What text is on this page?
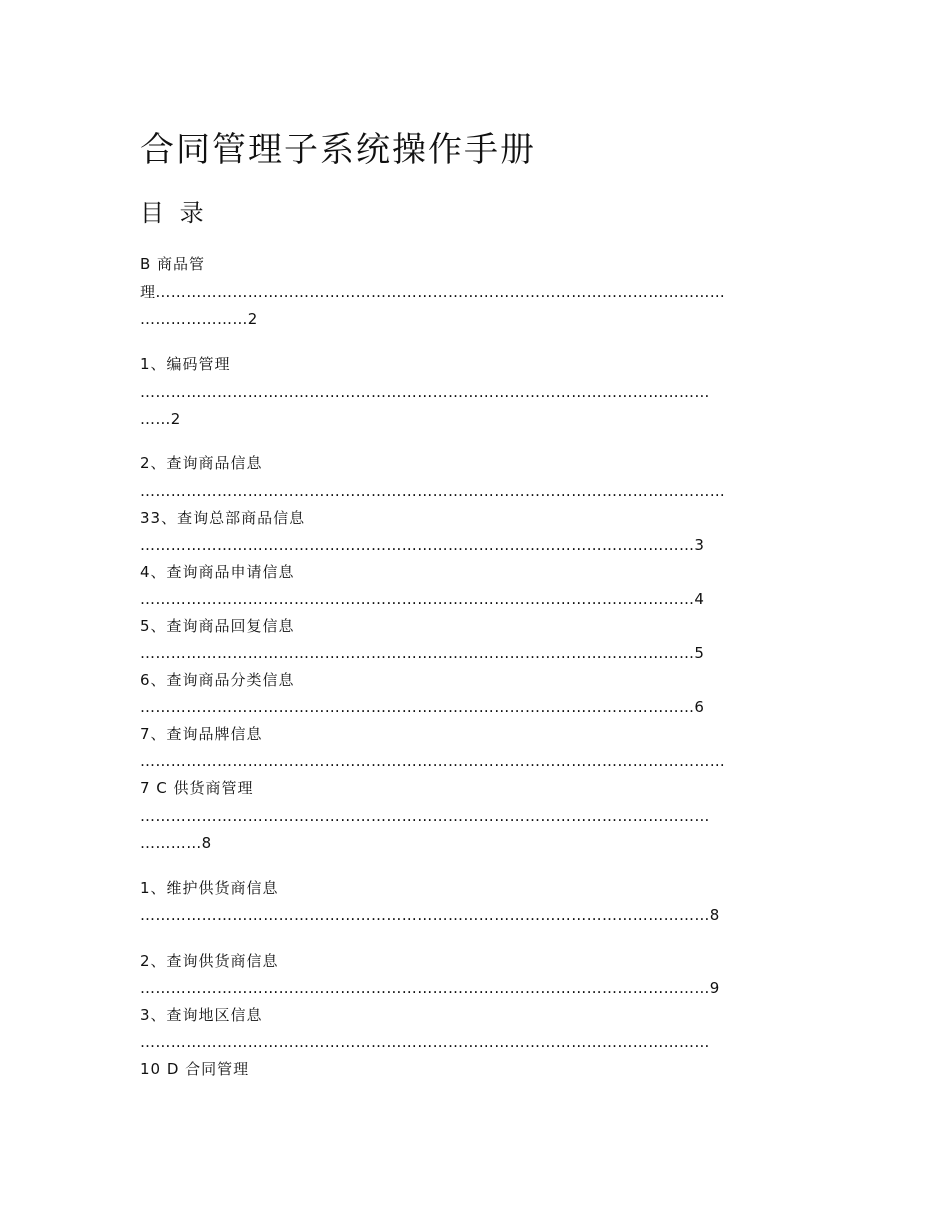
合同管理子系统操作手册
目 录
B 商品管
理…………………………………………………………………………………………………
…………………2
1、编码管理
…………………………………………………………………………………………………
……2
2、查询商品信息
……………………………………………………………………………………………………
33、查询总部商品信息
………………………………………………………………………………………………3
4、查询商品申请信息
………………………………………………………………………………………………4
5、查询商品回复信息
………………………………………………………………………………………………5
6、查询商品分类信息
………………………………………………………………………………………………6
7、查询品牌信息
……………………………………………………………………………………………………
7 C 供货商管理
…………………………………………………………………………………………………
…………8
1、维护供货商信息
…………………………………………………………………………………………………8
2、查询供货商信息
…………………………………………………………………………………………………9
3、查询地区信息
…………………………………………………………………………………………………
10 D 合同管理
